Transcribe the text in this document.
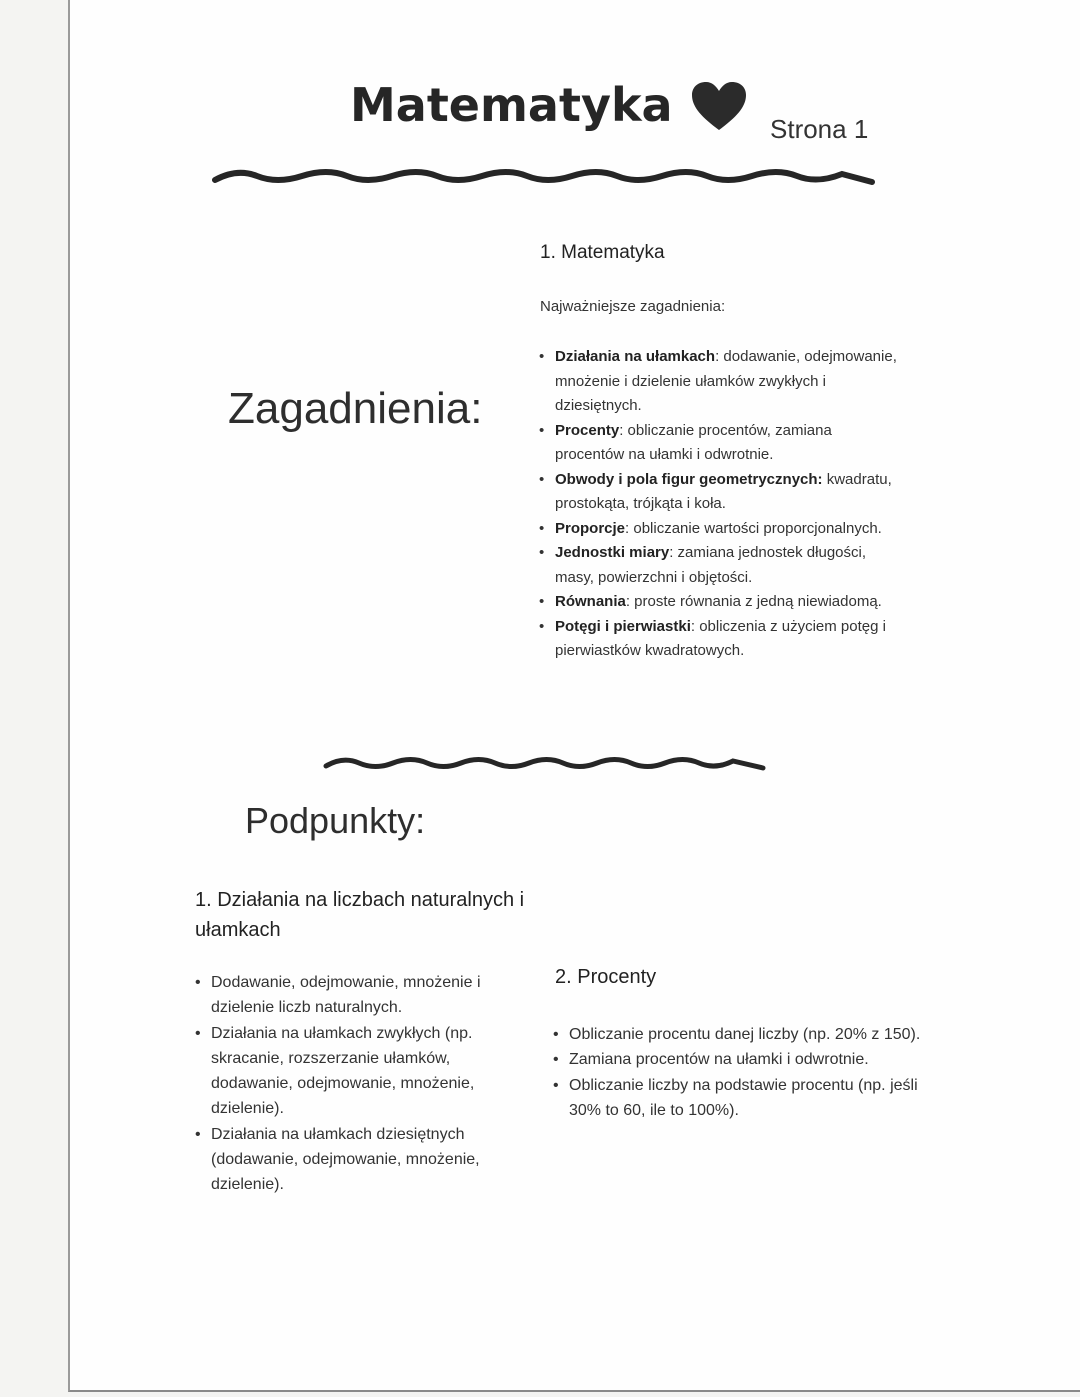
Matematyka	Strona 1
Zagadnienia:
1. Matematyka
Najważniejsze zagadnienia:
• Działania na ułamkach: dodawanie, odejmowanie, mnożenie i dzielenie ułamków zwykłych i dziesiętnych.
• Procenty: obliczanie procentów, zamiana procentów na ułamki i odwrotnie.
• Obwody i pola figur geometrycznych: kwadratu, prostokąta, trójkąta i koła.
• Proporcje: obliczanie wartości proporcjonalnych.
• Jednostki miary: zamiana jednostek długości, masy, powierzchni i objętości.
• Równania: proste równania z jedną niewiadomą.
• Potęgi i pierwiastki: obliczenia z użyciem potęg i pierwiastków kwadratowych.
Podpunkty:
1. Działania na liczbach naturalnych i ułamkach
• Dodawanie, odejmowanie, mnożenie i dzielenie liczb naturalnych.
• Działania na ułamkach zwykłych (np. skracanie, rozszerzanie ułamków, dodawanie, odejmowanie, mnożenie, dzielenie).
• Działania na ułamkach dziesiętnych (dodawanie, odejmowanie, mnożenie, dzielenie).
2. Procenty
• Obliczanie procentu danej liczby (np. 20% z 150).
• Zamiana procentów na ułamki i odwrotnie.
• Obliczanie liczby na podstawie procentu (np. jeśli 30% to 60, ile to 100%).
